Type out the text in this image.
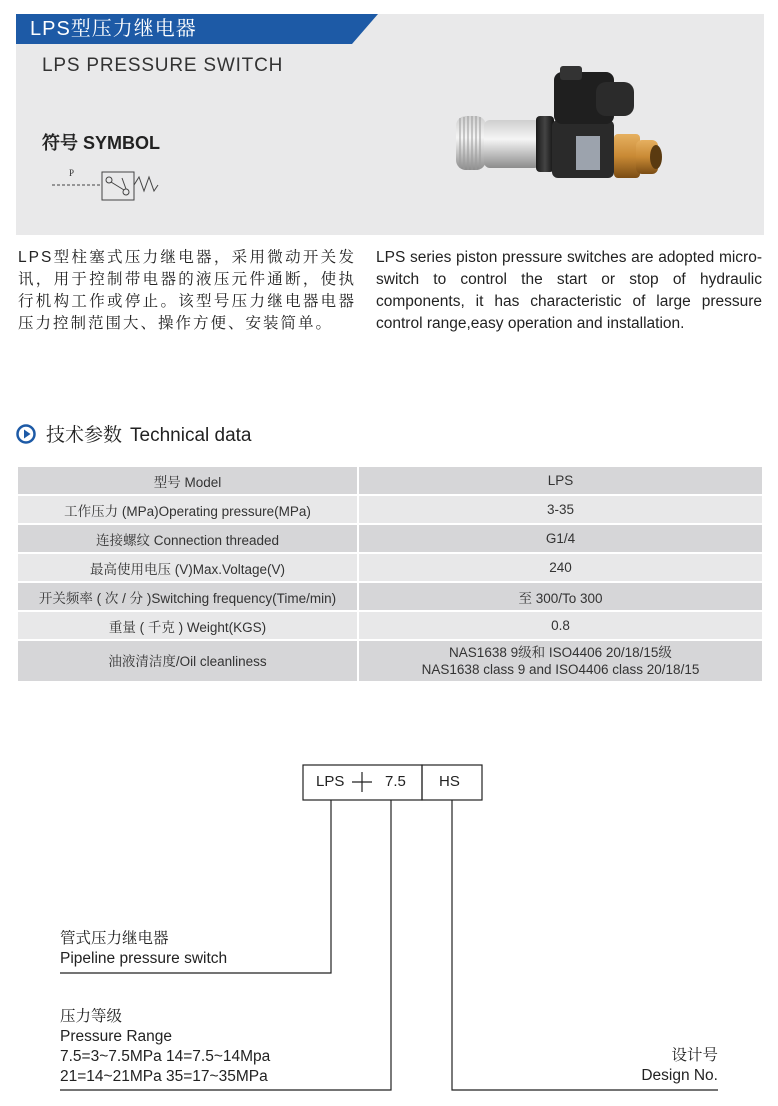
LPS型压力继电器
LPS PRESSURE SWITCH
符号 SYMBOL
P
LPS型柱塞式压力继电器，采用微动开关发讯，用于控制带电器的液压元件通断，使执行机构工作或停止。该型号压力继电器电器压力控制范围大、操作方便、安装简单。
LPS series piston pressure switches are adopted micro-switch to control the start or stop of hydraulic components, it has characteristic of large pressure control range,easy operation and installation.
技术参数 Technical data
型号 Model	LPS
工作压力 (MPa)Operating pressure(MPa)	3-35
连接螺纹 Connection threaded	G1/4
最高使用电压 (V)Max.Voltage(V)	240
开关频率 ( 次 / 分 )Switching frequency(Time/min)	至 300/To 300
重量 ( 千克 ) Weight(KGS)	0.8
油液清洁度/Oil cleanliness	NAS1638 9级和 ISO4406 20/18/15级
NAS1638 class 9 and ISO4406 class 20/18/15
LPS	7.5 HS
管式压力继电器
Pipeline pressure switch
压力等级
Pressure Range
7.5=3~7.5MPa 14=7.5~14Mpa
21=14~21MPa 35=17~35MPa
设计号
Design No.
